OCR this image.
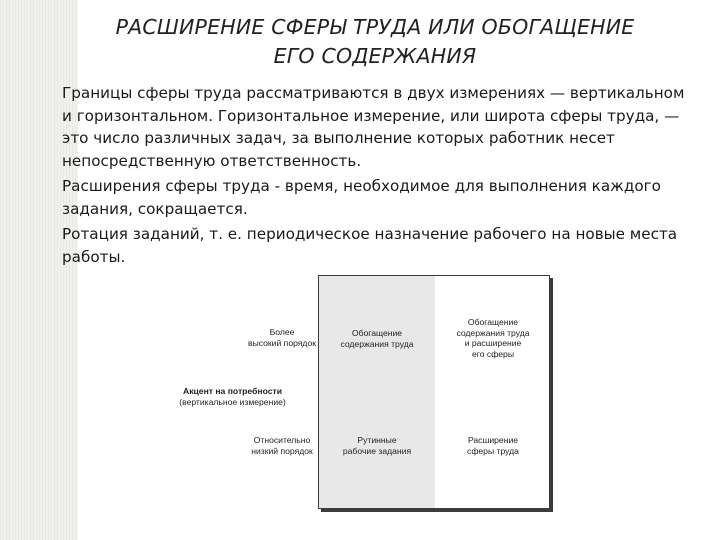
РАСШИРЕНИЕ СФЕРЫ ТРУДА ИЛИ ОБОГАЩЕНИЕ
ЕГО СОДЕРЖАНИЯ

Границы сферы труда рассматриваются в двух измерениях — вертикальном и горизонтальном. Горизонтальное измерение, или широта сферы труда, — это число различных задач, за выполнение которых работник несет непосредственную ответственность.

Расширения сферы труда - время, необходимое для выполнения каждого задания, сокращается.

Ротация заданий, т. е. периодическое назначение рабочего на новые места работы.

Более
высокий порядок
Акцент на потребности
(вертикальное измерение)
Относительно
низкий порядок
Обогащение
содержания труда
Обогащение
содержания труда
и расширение
его сферы
Рутинные
рабочие задания
Расширение
сферы труда
